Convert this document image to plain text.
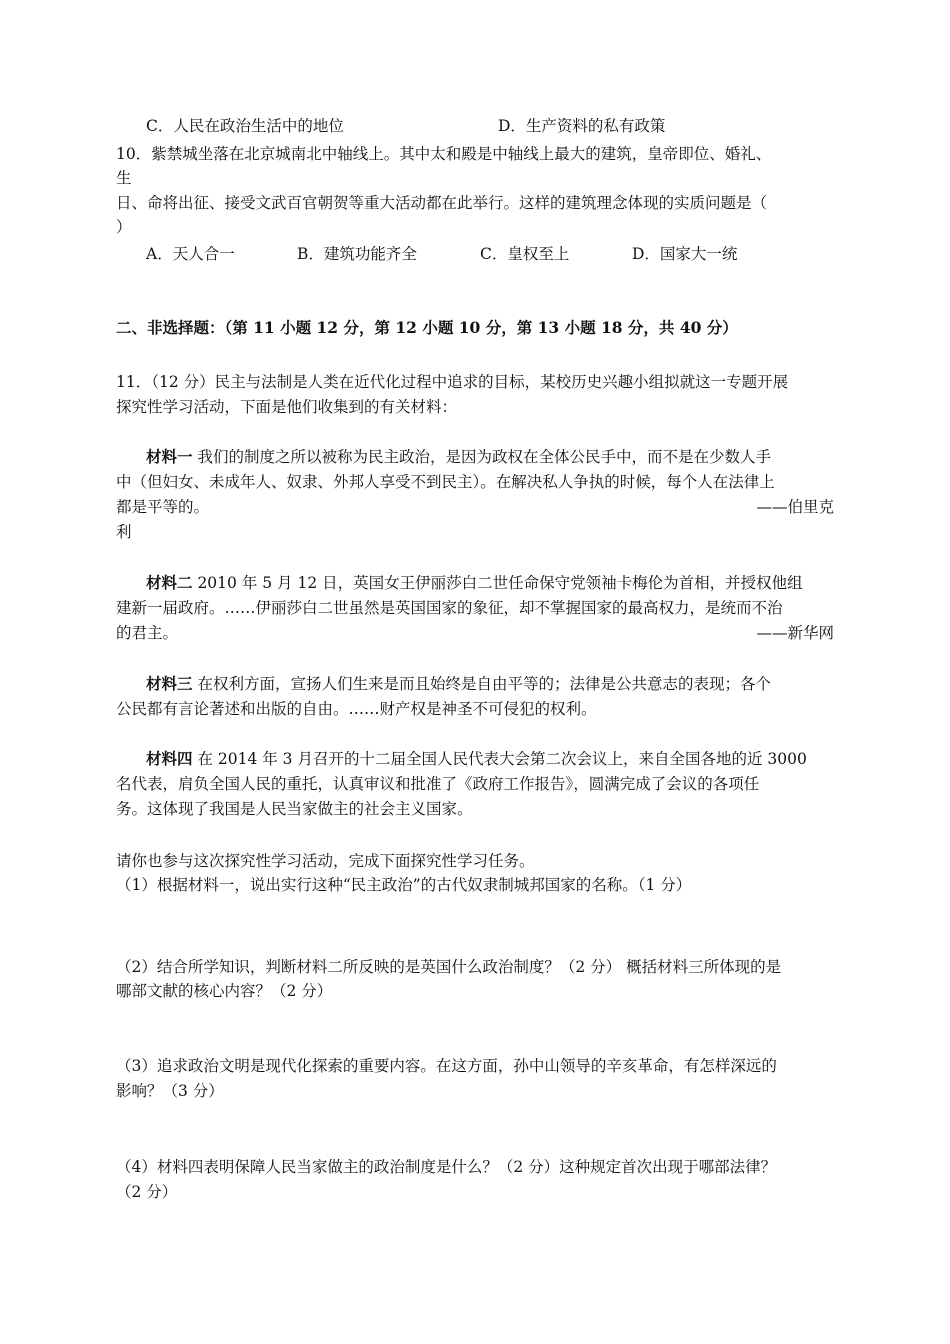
C．人民在政治生活中的地位	D．生产资料的私有政策
10．紫禁城坐落在北京城南北中轴线上。其中太和殿是中轴线上最大的建筑，皇帝即位、婚礼、
生
日、命将出征、接受文武百官朝贺等重大活动都在此举行。这样的建筑理念体现的实质问题是（
）
A．天人合一	B．建筑功能齐全	C．皇权至上	D．国家大一统
二、非选择题：（第 11 小题 12 分，第 12 小题 10 分，第 13 小题 18 分，共 40 分）
11．（12 分）民主与法制是人类在近代化过程中追求的目标，某校历史兴趣小组拟就这一专题开展
探究性学习活动，下面是他们收集到的有关材料：
材料一 我们的制度之所以被称为民主政治，是因为政权在全体公民手中，而不是在少数人手
中（但妇女、未成年人、奴隶、外邦人享受不到民主）。在解决私人争执的时候，每个人在法律上
都是平等的。	——伯里克
利
材料二 2010 年 5 月 12 日，英国女王伊丽莎白二世任命保守党领袖卡梅伦为首相，并授权他组
建新一届政府。……伊丽莎白二世虽然是英国国家的象征，却不掌握国家的最高权力，是统而不治
的君主。	——新华网
材料三 在权利方面，宣扬人们生来是而且始终是自由平等的；法律是公共意志的表现；各个
公民都有言论著述和出版的自由。……财产权是神圣不可侵犯的权利。
材料四 在 2014 年 3 月召开的十二届全国人民代表大会第二次会议上，来自全国各地的近 3000
名代表，肩负全国人民的重托，认真审议和批准了《政府工作报告》，圆满完成了会议的各项任
务。这体现了我国是人民当家做主的社会主义国家。
请你也参与这次探究性学习活动，完成下面探究性学习任务。
（1）根据材料一，说出实行这种“民主政治”的古代奴隶制城邦国家的名称。（1 分）
（2）结合所学知识，判断材料二所反映的是英国什么政治制度？（2 分） 概括材料三所体现的是
哪部文献的核心内容？（2 分）
（3）追求政治文明是现代化探索的重要内容。在这方面，孙中山领导的辛亥革命，有怎样深远的
影响？（3 分）
（4）材料四表明保障人民当家做主的政治制度是什么？（2 分）这种规定首次出现于哪部法律？
（2 分）
